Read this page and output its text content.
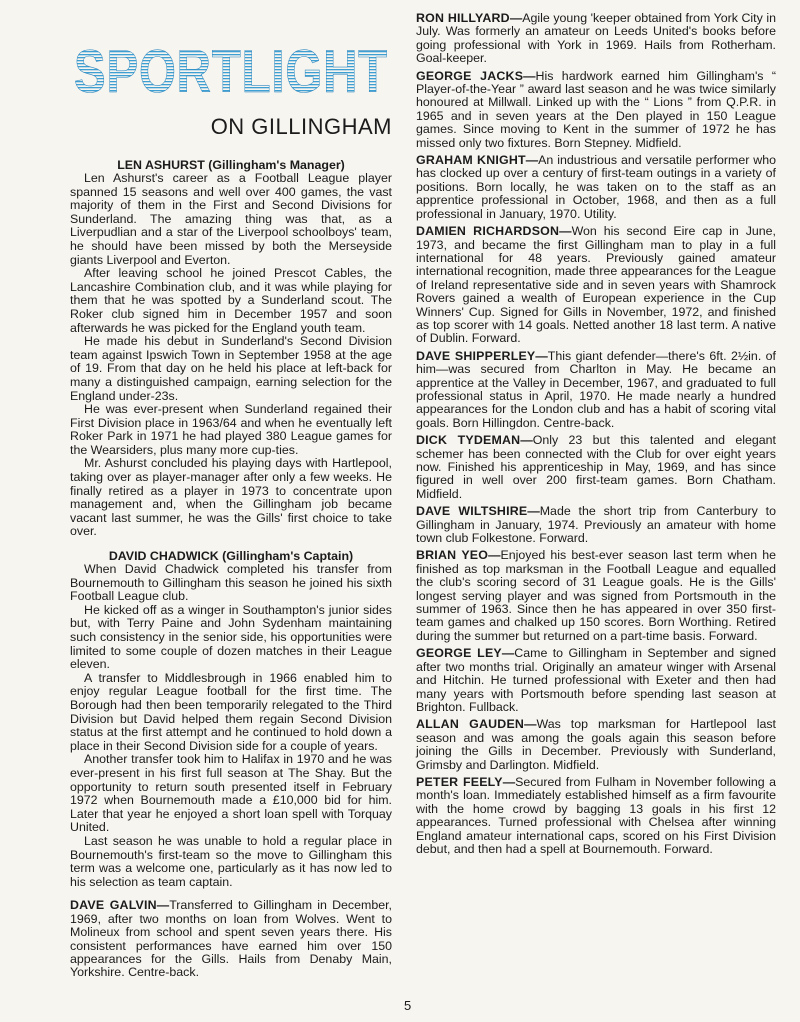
SPORTLIGHT
ON GILLINGHAM
LEN ASHURST (Gillingham's Manager)

Len Ashurst's career as a Football League player spanned 15 seasons and well over 400 games, the vast majority of them in the First and Second Divisions for Sunderland. The amazing thing was that, as a Liverpudlian and a star of the Liverpool schoolboys' team, he should have been missed by both the Merseyside giants Liverpool and Everton.

After leaving school he joined Prescot Cables, the Lancashire Combination club, and it was while playing for them that he was spotted by a Sunderland scout. The Roker club signed him in December 1957 and soon afterwards he was picked for the England youth team.

He made his debut in Sunderland's Second Division team against Ipswich Town in September 1958 at the age of 19. From that day on he held his place at left-back for many a distinguished campaign, earning selection for the England under-23s.

He was ever-present when Sunderland regained their First Division place in 1963/64 and when he eventually left Roker Park in 1971 he had played 380 League games for the Wearsiders, plus many more cup-ties.

Mr. Ashurst concluded his playing days with Hartlepool, taking over as player-manager after only a few weeks. He finally retired as a player in 1973 to concentrate upon management and, when the Gillingham job became vacant last summer, he was the Gills' first choice to take over.

DAVID CHADWICK (Gillingham's Captain)

When David Chadwick completed his transfer from Bournemouth to Gillingham this season he joined his sixth Football League club.

He kicked off as a winger in Southampton's junior sides but, with Terry Paine and John Sydenham maintaining such consistency in the senior side, his opportunities were limited to some couple of dozen matches in their League eleven.

A transfer to Middlesbrough in 1966 enabled him to enjoy regular League football for the first time. The Borough had then been temporarily relegated to the Third Division but David helped them regain Second Division status at the first attempt and he continued to hold down a place in their Second Division side for a couple of years.

Another transfer took him to Halifax in 1970 and he was ever-present in his first full season at The Shay. But the opportunity to return south presented itself in February 1972 when Bournemouth made a £10,000 bid for him. Later that year he enjoyed a short loan spell with Torquay United.

Last season he was unable to hold a regular place in Bournemouth's first-team so the move to Gillingham this term was a welcome one, particularly as it has now led to his selection as team captain.

DAVE GALVIN—Transferred to Gillingham in December, 1969, after two months on loan from Wolves. Went to Molineux from school and spent seven years there. His consistent performances have earned him over 150 appearances for the Gills. Hails from Denaby Main, Yorkshire. Centre-back.

RON HILLYARD—Agile young 'keeper obtained from York City in July. Was formerly an amateur on Leeds United's books before going professional with York in 1969. Hails from Rotherham. Goal-keeper.

GEORGE JACKS—His hardwork earned him Gillingham's “ Player-of-the-Year ” award last season and he was twice similarly honoured at Millwall. Linked up with the “ Lions ” from Q.P.R. in 1965 and in seven years at the Den played in 150 League games. Since moving to Kent in the summer of 1972 he has missed only two fixtures. Born Stepney. Midfield.

GRAHAM KNIGHT—An industrious and versatile performer who has clocked up over a century of first-team outings in a variety of positions. Born locally, he was taken on to the staff as an apprentice professional in October, 1968, and then as a full professional in January, 1970. Utility.

DAMIEN RICHARDSON—Won his second Eire cap in June, 1973, and became the first Gillingham man to play in a full international for 48 years. Previously gained amateur international recognition, made three appearances for the League of Ireland representative side and in seven years with Shamrock Rovers gained a wealth of European experience in the Cup Winners' Cup. Signed for Gills in November, 1972, and finished as top scorer with 14 goals. Netted another 18 last term. A native of Dublin. Forward.

DAVE SHIPPERLEY—This giant defender—there's 6ft. 2½in. of him—was secured from Charlton in May. He became an apprentice at the Valley in December, 1967, and graduated to full professional status in April, 1970. He made nearly a hundred appearances for the London club and has a habit of scoring vital goals. Born Hillingdon. Centre-back.

DICK TYDEMAN—Only 23 but this talented and elegant schemer has been connected with the Club for over eight years now. Finished his apprenticeship in May, 1969, and has since figured in well over 200 first-team games. Born Chatham. Midfield.

DAVE WILTSHIRE—Made the short trip from Canterbury to Gillingham in January, 1974. Previously an amateur with home town club Folkestone. Forward.

BRIAN YEO—Enjoyed his best-ever season last term when he finished as top marksman in the Football League and equalled the club's scoring secord of 31 League goals. He is the Gills' longest serving player and was signed from Portsmouth in the summer of 1963. Since then he has appeared in over 350 first-team games and chalked up 150 scores. Born Worthing. Retired during the summer but returned on a part-time basis. Forward.

GEORGE LEY—Came to Gillingham in September and signed after two months trial. Originally an amateur winger with Arsenal and Hitchin. He turned professional with Exeter and then had many years with Portsmouth before spending last season at Brighton. Fullback.

ALLAN GAUDEN—Was top marksman for Hartlepool last season and was among the goals again this season before joining the Gills in December. Previously with Sunderland, Grimsby and Darlington. Midfield.

PETER FEELY—Secured from Fulham in November following a month's loan. Immediately established himself as a firm favourite with the home crowd by bagging 13 goals in his first 12 appearances. Turned professional with Chelsea after winning England amateur international caps, scored on his First Division debut, and then had a spell at Bournemouth. Forward.

5
